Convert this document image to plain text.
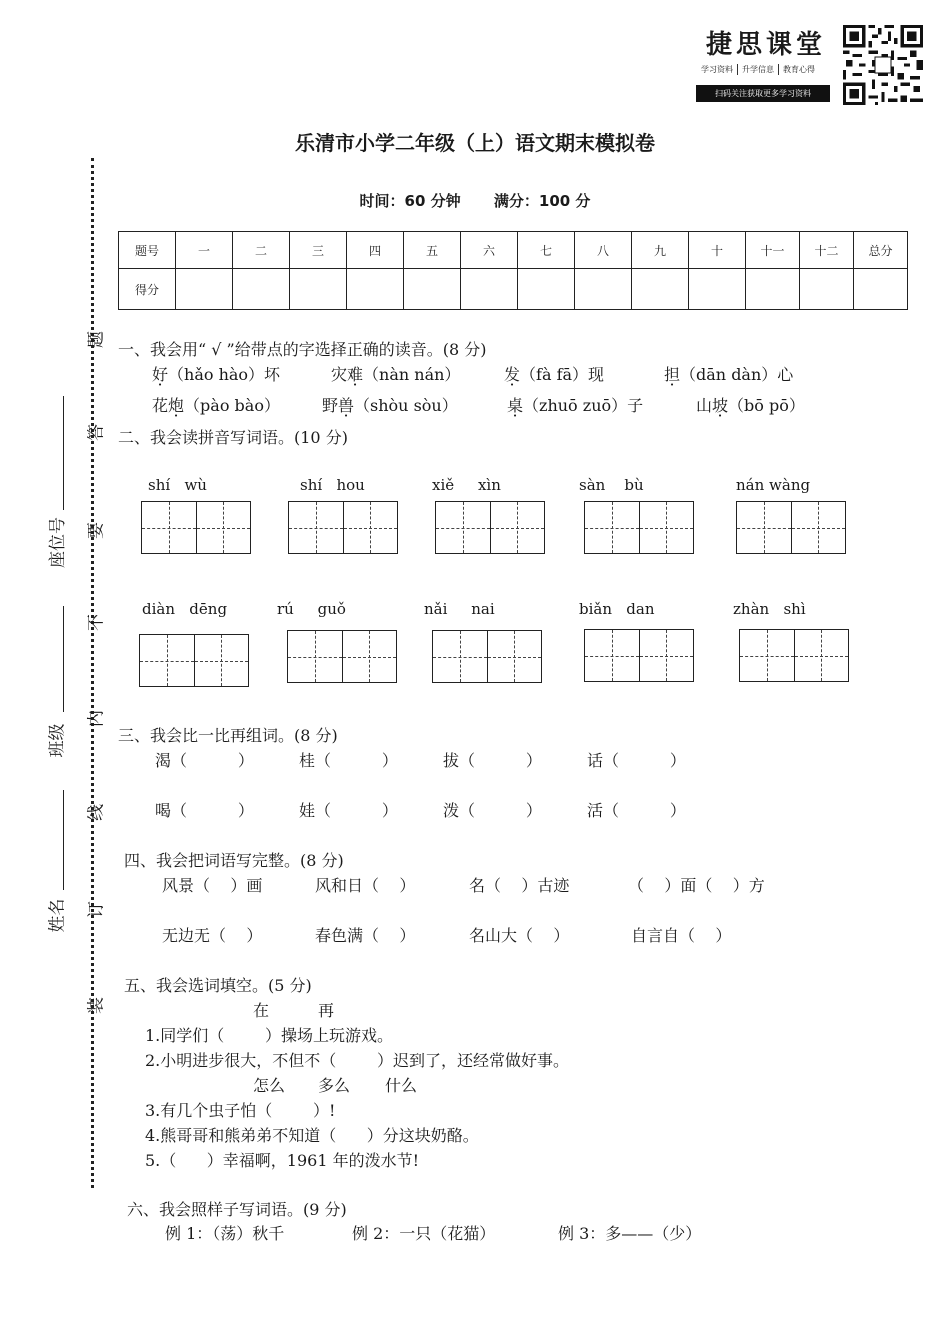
捷思课堂
学习资料	升学信息	教育心得
扫码关注获取更多学习资料
乐清市小学二年级（上）语文期末模拟卷
时间：60 分钟 满分：100 分
题号	一	二	三	四	五	六	七	八	九	十	十一	十二	总分
得分													
题
答
要
不
内
线
订
装
座位号
班级
姓名
一、我会用“ √ ”给带点的字选择正确的读音。(8 分)
好（hǎo hào）坏	灾难（nàn nán）	发（fà fā）现	担（dān dàn）心
花炮（pào bào）	野兽（shòu sòu）	桌（zhuō zuō）子	山坡（bō pō）
二、我会读拼音写词语。(10 分)
shí   wù	shí   hou	xiě     xìn	sàn    bù	nán wàng
diàn   dēng	rú     guǒ	nǎi     nai	biǎn   dan	zhàn   shì
三、我会比一比再组词。(8 分)
渴（          ）	桂（          ）	拔（          ）	话（          ）
喝（          ）	娃（          ）	泼（          ）	活（          ）
四、我会把词语写完整。(8 分)
风景（    ）画	风和日（    ）	名（    ）古迹	（    ）面（    ）方
无边无（    ）	春色满（    ）	名山大（    ）	自言自（    ）
五、我会选词填空。(5 分)
在	再
1.同学们（        ）操场上玩游戏。
2.小明进步很大，不但不（        ）迟到了，还经常做好事。
怎么 多么 什么
3.有几个虫子怕（        ）!
4.熊哥哥和熊弟弟不知道（      ）分这块奶酪。
5.（      ）幸福啊，1961 年的泼水节!
六、我会照样子写词语。(9 分)
例 1：（荡）秋千	例 2：一只（花猫）	例 3：多——（少）
